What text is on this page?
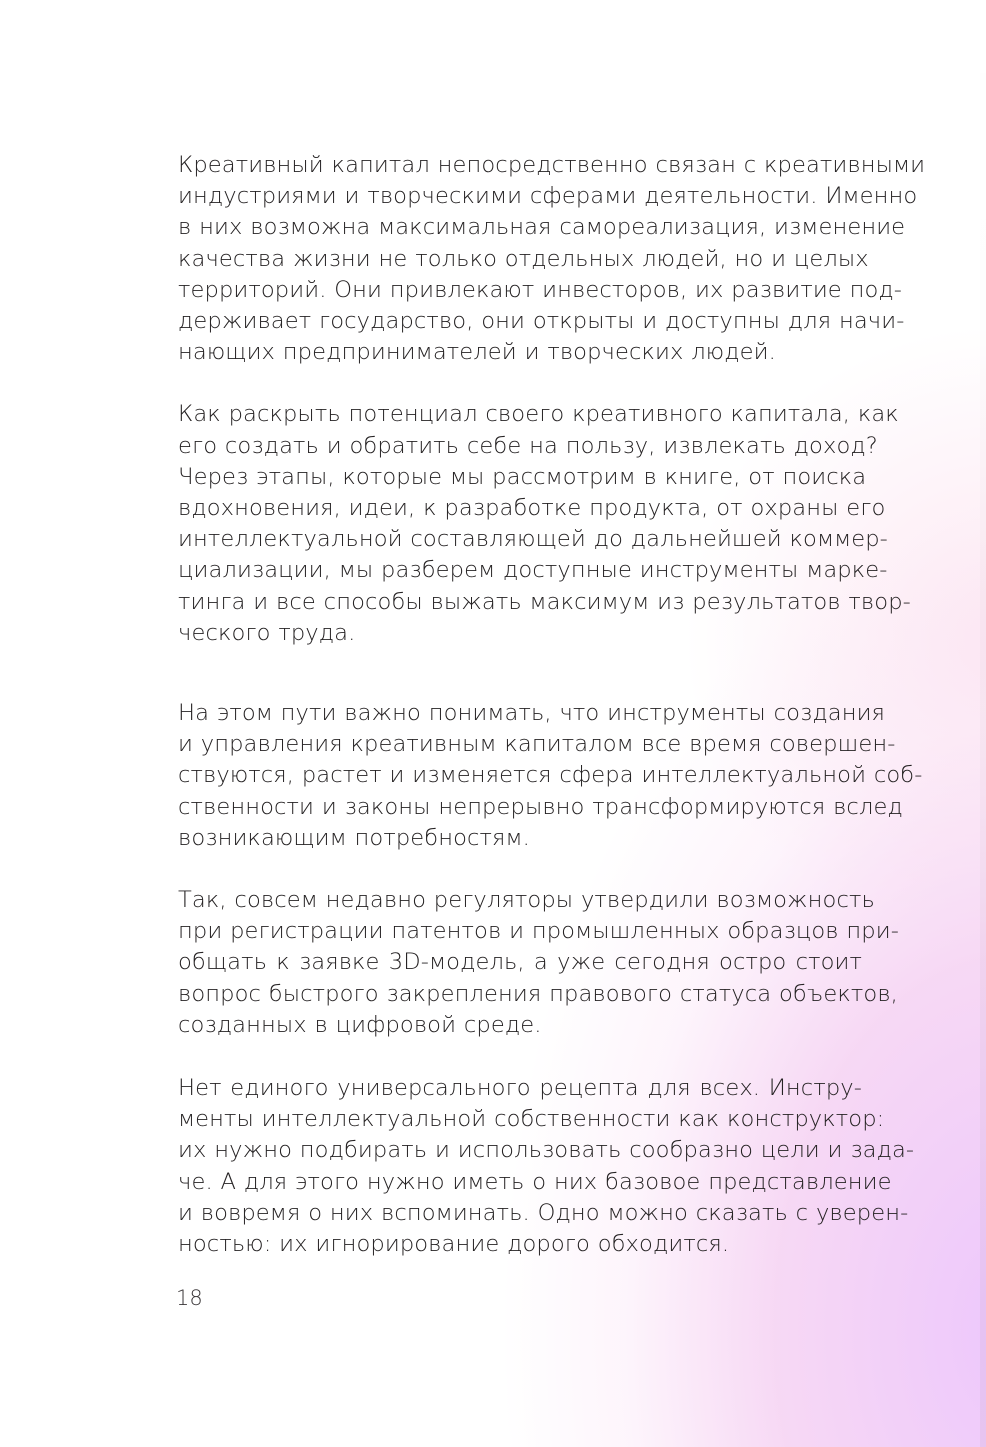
Креативный капитал непосредственно связан с креативными
индустриями и творческими сферами деятельности. Именно
в них возможна максимальная самореализация, изменение
качества жизни не только отдельных людей, но и целых
территорий. Они привлекают инвесторов, их развитие под-
держивает государство, они открыты и доступны для начи-
нающих предпринимателей и творческих людей.

Как раскрыть потенциал своего креативного капитала, как
его создать и обратить себе на пользу, извлекать доход?
Через этапы, которые мы рассмотрим в книге, от поиска
вдохновения, идеи, к разработке продукта, от охраны его
интеллектуальной составляющей до дальнейшей коммер-
циализации, мы разберем доступные инструменты марке-
тинга и все способы выжать максимум из результатов твор-
ческого труда.

На этом пути важно понимать, что инструменты создания
и управления креативным капиталом все время совершен-
ствуются, растет и изменяется сфера интеллектуальной соб-
ственности и законы непрерывно трансформируются вслед
возникающим потребностям.

Так, совсем недавно регуляторы утвердили возможность
при регистрации патентов и промышленных образцов при-
общать к заявке 3D-модель, а уже сегодня остро стоит
вопрос быстрого закрепления правового статуса объектов,
созданных в цифровой среде.

Нет единого универсального рецепта для всех. Инстру-
менты интеллектуальной собственности как конструктор:
их нужно подбирать и использовать сообразно цели и зада-
че. А для этого нужно иметь о них базовое представление
и вовремя о них вспоминать. Одно можно сказать с уверен-
ностью: их игнорирование дорого обходится.

18
